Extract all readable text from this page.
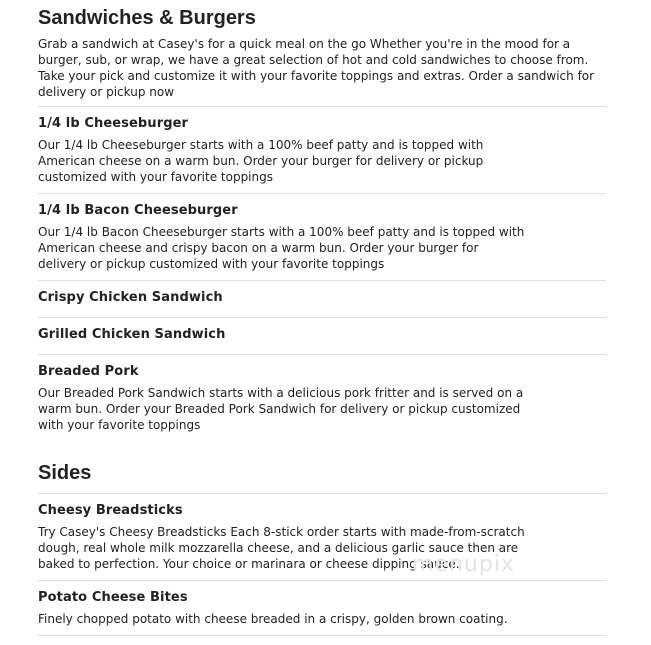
Sandwiches & Burgers

Grab a sandwich at Casey's for a quick meal on the go Whether you're in the mood for a burger, sub, or wrap, we have a great selection of hot and cold sandwiches to choose from. Take your pick and customize it with your favorite toppings and extras. Order a sandwich for delivery or pickup now

1/4 lb Cheeseburger

Our 1/4 lb Cheeseburger starts with a 100% beef patty and is topped with American cheese on a warm bun. Order your burger for delivery or pickup customized with your favorite toppings

1/4 lb Bacon Cheeseburger

Our 1/4 lb Bacon Cheeseburger starts with a 100% beef patty and is topped with American cheese and crispy bacon on a warm bun. Order your burger for delivery or pickup customized with your favorite toppings

Crispy Chicken Sandwich

Grilled Chicken Sandwich

Breaded Pork

Our Breaded Pork Sandwich starts with a delicious pork fritter and is served on a warm bun. Order your Breaded Pork Sandwich for delivery or pickup customized with your favorite toppings

Sides

Cheesy Breadsticks

Try Casey's Cheesy Breadsticks Each 8-stick order starts with made-from-scratch dough, real whole milk mozzarella cheese, and a delicious garlic sauce then are baked to perfection. Your choice or marinara or cheese dipping sauce.

Potato Cheese Bites

Finely chopped potato with cheese breaded in a crispy, golden brown coating.

menupix
